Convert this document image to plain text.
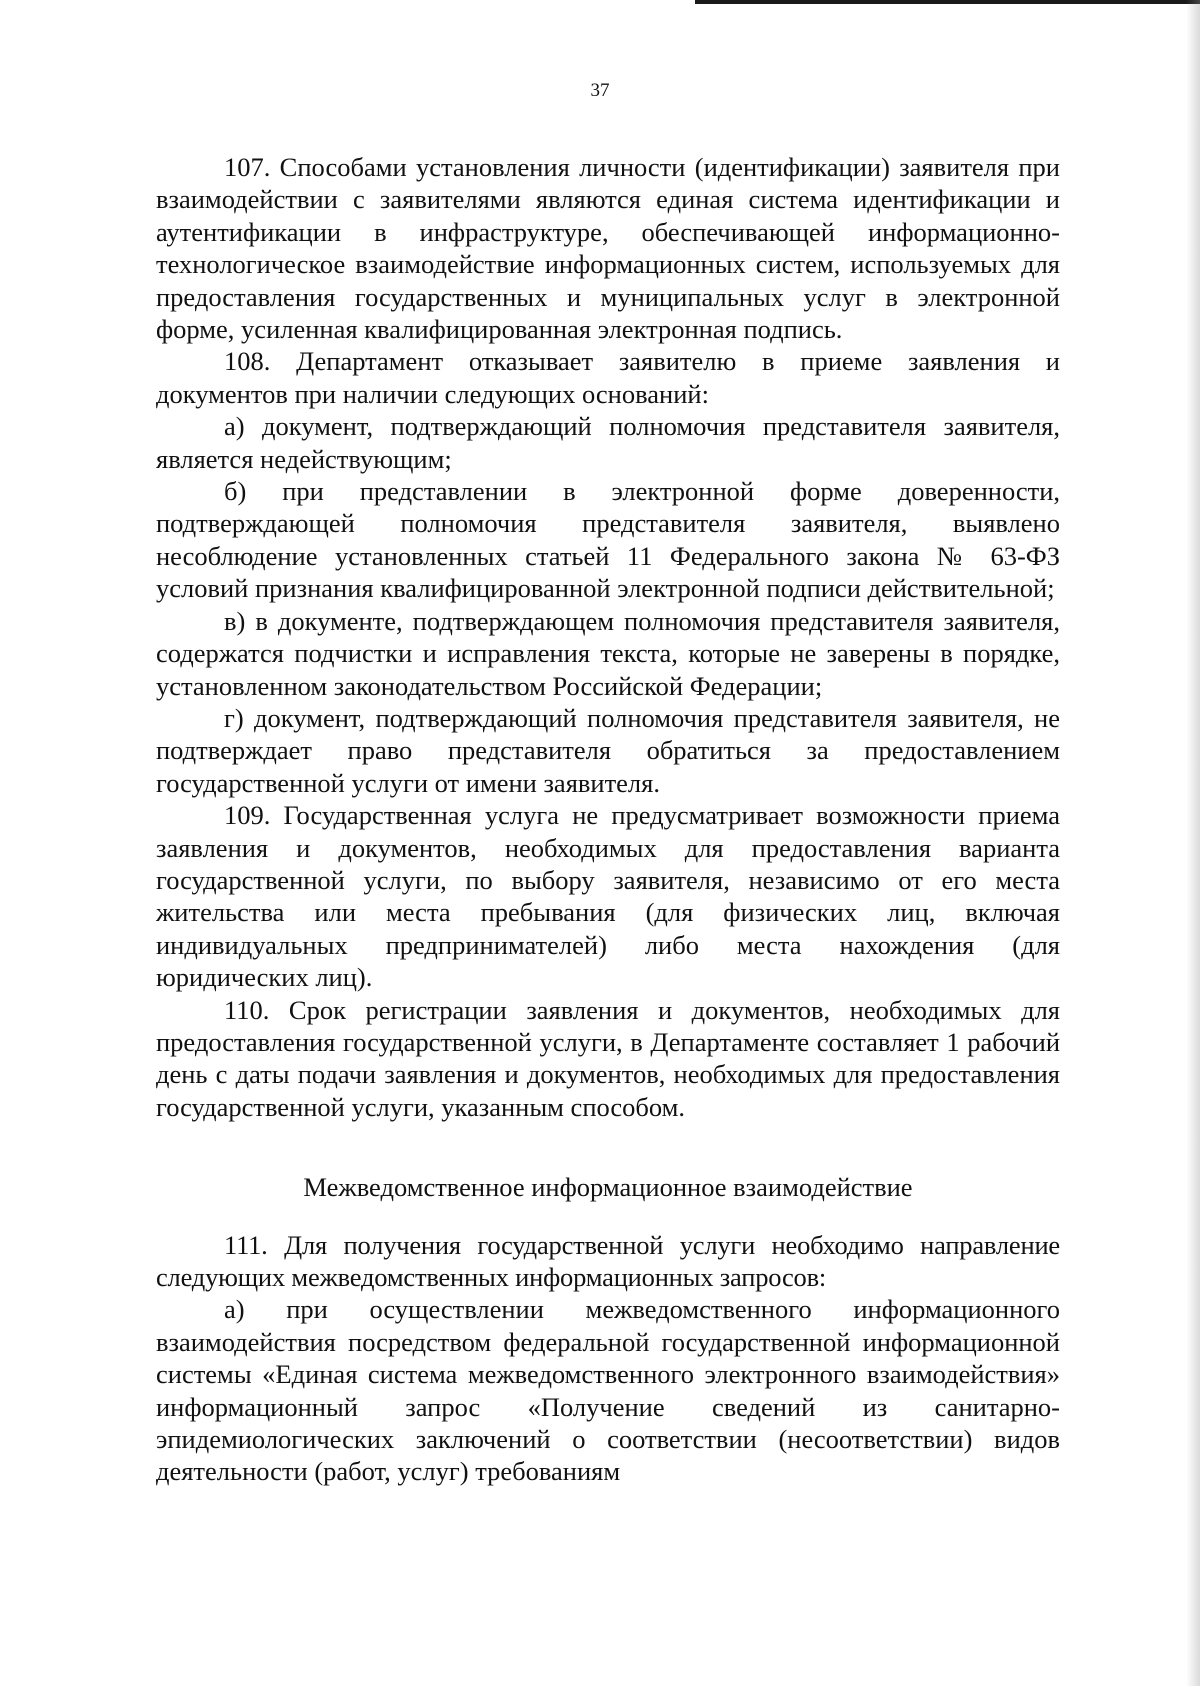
37

107. Способами установления личности (идентификации) заявителя при взаимодействии с заявителями являются единая система идентификации и аутентификации в инфраструктуре, обеспечивающей информационно-технологическое взаимодействие информационных систем, используемых для предоставления государственных и муниципальных услуг в электронной форме, усиленная квалифицированная электронная подпись.

108. Департамент отказывает заявителю в приеме заявления и документов при наличии следующих оснований:

а) документ, подтверждающий полномочия представителя заявителя, является недействующим;

б) при представлении в электронной форме доверенности, подтверждающей полномочия представителя заявителя, выявлено несоблюдение установленных статьей 11 Федерального закона № 63-ФЗ условий признания квалифицированной электронной подписи действительной;

в) в документе, подтверждающем полномочия представителя заявителя, содержатся подчистки и исправления текста, которые не заверены в порядке, установленном законодательством Российской Федерации;

г) документ, подтверждающий полномочия представителя заявителя, не подтверждает право представителя обратиться за предоставлением государственной услуги от имени заявителя.

109. Государственная услуга не предусматривает возможности приема заявления и документов, необходимых для предоставления варианта государственной услуги, по выбору заявителя, независимо от его места жительства или места пребывания (для физических лиц, включая индивидуальных предпринимателей) либо места нахождения (для юридических лиц).

110. Срок регистрации заявления и документов, необходимых для предоставления государственной услуги, в Департаменте составляет 1 рабочий день с даты подачи заявления и документов, необходимых для предоставления государственной услуги, указанным способом.

Межведомственное информационное взаимодействие

111. Для получения государственной услуги необходимо направление следующих межведомственных информационных запросов:

а) при осуществлении межведомственного информационного взаимодействия посредством федеральной государственной информационной системы «Единая система межведомственного электронного взаимодействия» информационный запрос «Получение сведений из санитарно-эпидемиологических заключений о соответствии (несоответствии) видов деятельности (работ, услуг) требованиям
